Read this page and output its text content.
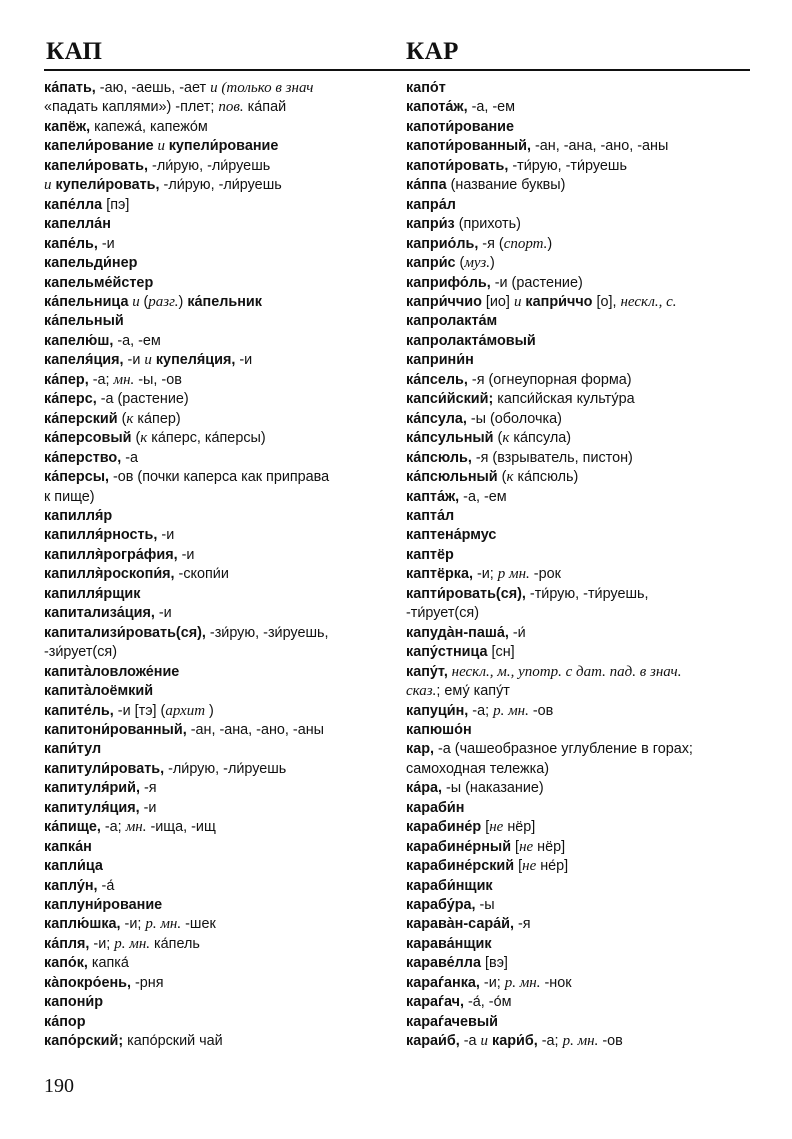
КАП	КАР
ка́пать, -аю, -аешь, -ает и (только в знач
«падать каплями») -плет; пов. ка́пай
капёж, капежа́, капежо́м
капели́рование и купели́рование
капели́ровать, -ли́рую, -ли́руешь
и купели́ровать, -ли́рую, -ли́руешь
капе́лла [пэ]
капелла́н
капе́ль, -и
капельди́нер
капельме́йстер
ка́пельница и (разг.) ка́пельник
ка́пельный
капелю́ш, -а, -ем
капеля́ция, -и и купеля́ция, -и
ка́пер, -а; мн. -ы, -ов
ка́перс, -а (растение)
ка́перский (к ка́пер)
ка́персовый (к ка́перс, ка́персы)
ка́перство, -а
ка́персы, -ов (почки каперса как приправа
к пище)
капилля́р
капилля́рность, -и
капилля̀рогра́фия, -и
капилля̀роскопи́я, -скопи́и
капилля́рщик
капитализа́ция, -и
капитализи́ровать(ся), -зи́рую, -зи́руешь,
-зи́рует(ся)
капита̀ловложе́ние
капита̀лоёмкий
капите́ль, -и [тэ] (архит )
капитони́рованный, -ан, -ана, -ано, -аны
капи́тул
капитули́ровать, -ли́рую, -ли́руешь
капитуля́рий, -я
капитуля́ция, -и
ка́пище, -а; мн. -ища, -ищ
капка́н
капли́ца
каплу́н, -а́
каплуни́рование
каплю́шка, -и; р. мн. -шек
ка́пля, -и; р. мн. ка́пель
капо́к, капка́
ка̀покро́ень, -рня
капони́р
ка́пор
капо́рский; капо́рский чай
капо́т
капота́ж, -а, -ем
капоти́рование
капоти́рованный, -ан, -ана, -ано, -аны
капоти́ровать, -ти́рую, -ти́руешь
ка́ппа (название буквы)
капра́л
капри́з (прихоть)
каприо́ль, -я (спорт.)
капри́с (муз.)
каприфо́ль, -и (растение)
капри́ччио [ио] и капри́ччо [о], нескл., с.
капролакта́м
капролакта́мовый
каприни́н
ка́псель, -я (огнеупорная форма)
капси́йский; капси́йская культу́ра
ка́псула, -ы (оболочка)
ка́псульный (к ка́псула)
ка́псюль, -я (взрыватель, пистон)
ка́псюльный (к ка́псюль)
капта́ж, -а, -ем
капта́л
каптена́рмус
каптёр
каптёрка, -и; р мн. -рок
капти́ровать(ся), -ти́рую, -ти́руешь,
-ти́рует(ся)
капуда̀н-паша́, -и́
капу́стница [сн]
капу́т, нескл., м., употр. с дат. пад. в знач.
сказ.; ему́ капу́т
капуци́н, -а; р. мн. -ов
капюшо́н
кар, -а (чашеобразное углубление в горах;
самоходная тележка)
ка́ра, -ы (наказание)
караби́н
карабине́р [не нёр]
карабине́рный [не нёр]
карабине́рский [не не́р]
караби́нщик
карабу́ра, -ы
карава̀н-сара́й, -я
карава́нщик
караве́лла [вэ]
караѓанка, -и; р. мн. -нок
караѓач, -а́, -о́м
караѓачевый
караи́б, -а и кари́б, -а; р. мн. -ов
190
